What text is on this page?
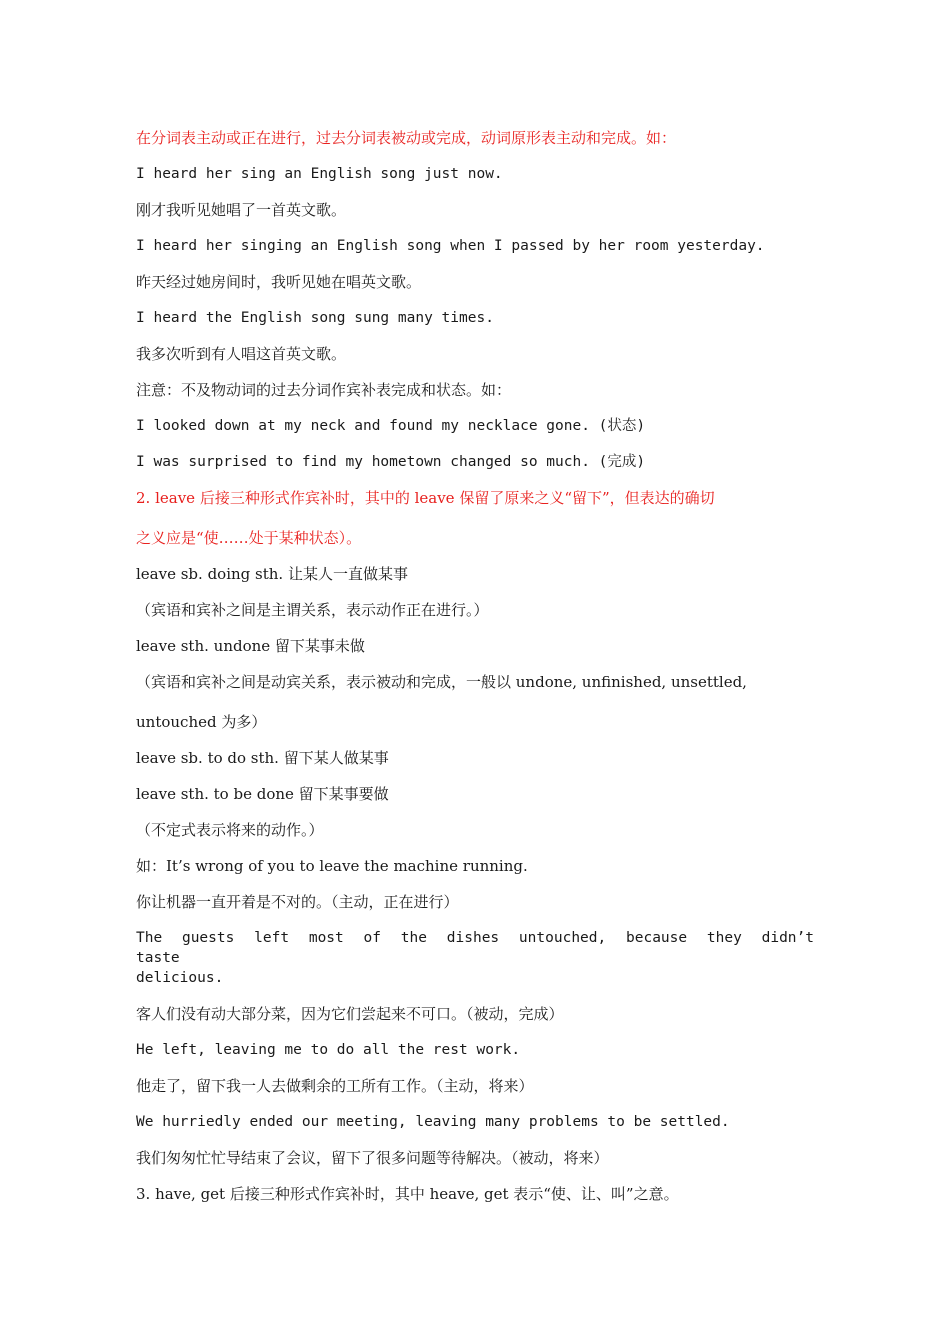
在分词表主动或正在进行，过去分词表被动或完成，动词原形表主动和完成。如：
I heard her sing an English song just now.
刚才我听见她唱了一首英文歌。
I heard her singing an English song when I passed by her room yesterday.
昨天经过她房间时，我听见她在唱英文歌。
I heard the English song sung many times.
我多次听到有人唱这首英文歌。
注意：不及物动词的过去分词作宾补表完成和状态。如：
I looked down at my neck and found my necklace gone. (状态)
I was surprised to find my hometown changed so much. (完成)
2. leave 后接三种形式作宾补时，其中的 leave 保留了原来之义“留下”，但表达的确切
之义应是“使……处于某种状态）。
leave sb. doing sth. 让某人一直做某事
（宾语和宾补之间是主谓关系，表示动作正在进行。）
leave sth. undone 留下某事未做
（宾语和宾补之间是动宾关系，表示被动和完成，一般以 undone, unfinished, unsettled,
untouched 为多）
leave sb. to do sth. 留下某人做某事
leave sth. to be done 留下某事要做
（不定式表示将来的动作。）
如：It’s wrong of you to leave the machine running.
你让机器一直开着是不对的。（主动，正在进行）
The guests left most of the dishes untouched, because they didn’t taste
delicious.
客人们没有动大部分菜，因为它们尝起来不可口。（被动，完成）
He left, leaving me to do all the rest work.
他走了，留下我一人去做剩余的工所有工作。（主动，将来）
We hurriedly ended our meeting, leaving many problems to be settled.
我们匆匆忙忙导结束了会议，留下了很多问题等待解决。（被动，将来）
3. have, get 后接三种形式作宾补时，其中 heave, get 表示“使、让、叫”之意。
